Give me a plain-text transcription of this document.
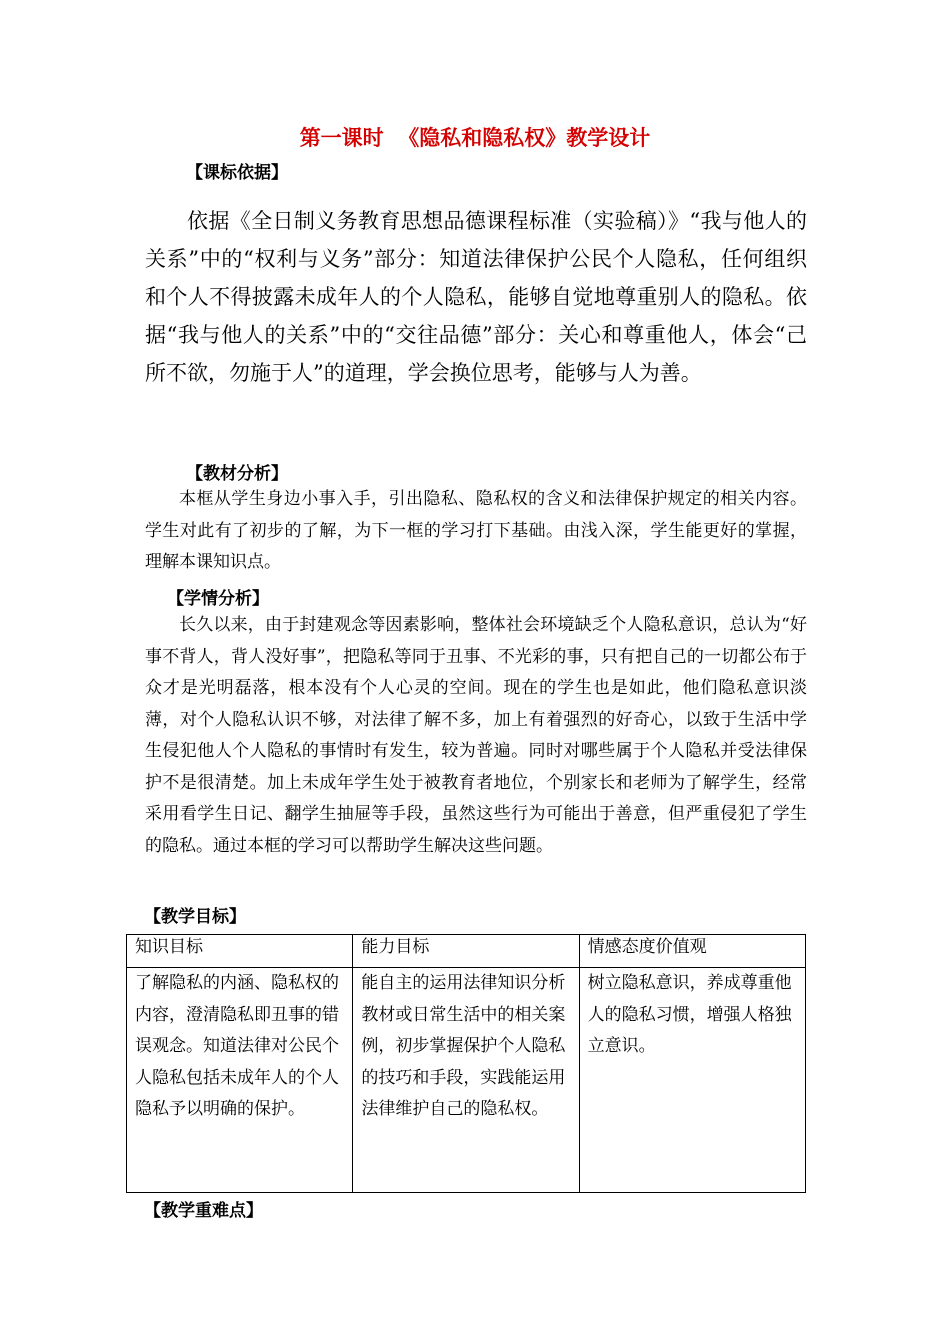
第一课时  《隐私和隐私权》教学设计
【课标依据】

依据《全日制义务教育思想品德课程标准（实验稿）》“我与他人的关系”中的“权利与义务”部分：知道法律保护公民个人隐私，任何组织和个人不得披露未成年人的个人隐私，能够自觉地尊重别人的隐私。依据“我与他人的关系”中的“交往品德”部分：关心和尊重他人，体会“己所不欲，勿施于人”的道理，学会换位思考，能够与人为善。

【教材分析】

本框从学生身边小事入手，引出隐私、隐私权的含义和法律保护规定的相关内容。学生对此有了初步的了解，为下一框的学习打下基础。由浅入深，学生能更好的掌握，理解本课知识点。

【学情分析】

长久以来，由于封建观念等因素影响，整体社会环境缺乏个人隐私意识，总认为“好事不背人，背人没好事”，把隐私等同于丑事、不光彩的事，只有把自己的一切都公布于众才是光明磊落，根本没有个人心灵的空间。现在的学生也是如此，他们隐私意识淡薄，对个人隐私认识不够，对法律了解不多，加上有着强烈的好奇心，以致于生活中学生侵犯他人个人隐私的事情时有发生，较为普遍。同时对哪些属于个人隐私并受法律保护不是很清楚。加上未成年学生处于被教育者地位，个别家长和老师为了解学生，经常采用看学生日记、翻学生抽屉等手段，虽然这些行为可能出于善意，但严重侵犯了学生的隐私。通过本框的学习可以帮助学生解决这些问题。

【教学目标】
知识目标	能力目标	情感态度价值观
了解隐私的内涵、隐私权的内容，澄清隐私即丑事的错误观念。知道法律对公民个人隐私包括未成年人的个人隐私予以明确的保护。	能自主的运用法律知识分析教材或日常生活中的相关案例，初步掌握保护个人隐私的技巧和手段，实践能运用法律维护自己的隐私权。	树立隐私意识，养成尊重他人的隐私习惯，增强人格独立意识。
【教学重难点】
